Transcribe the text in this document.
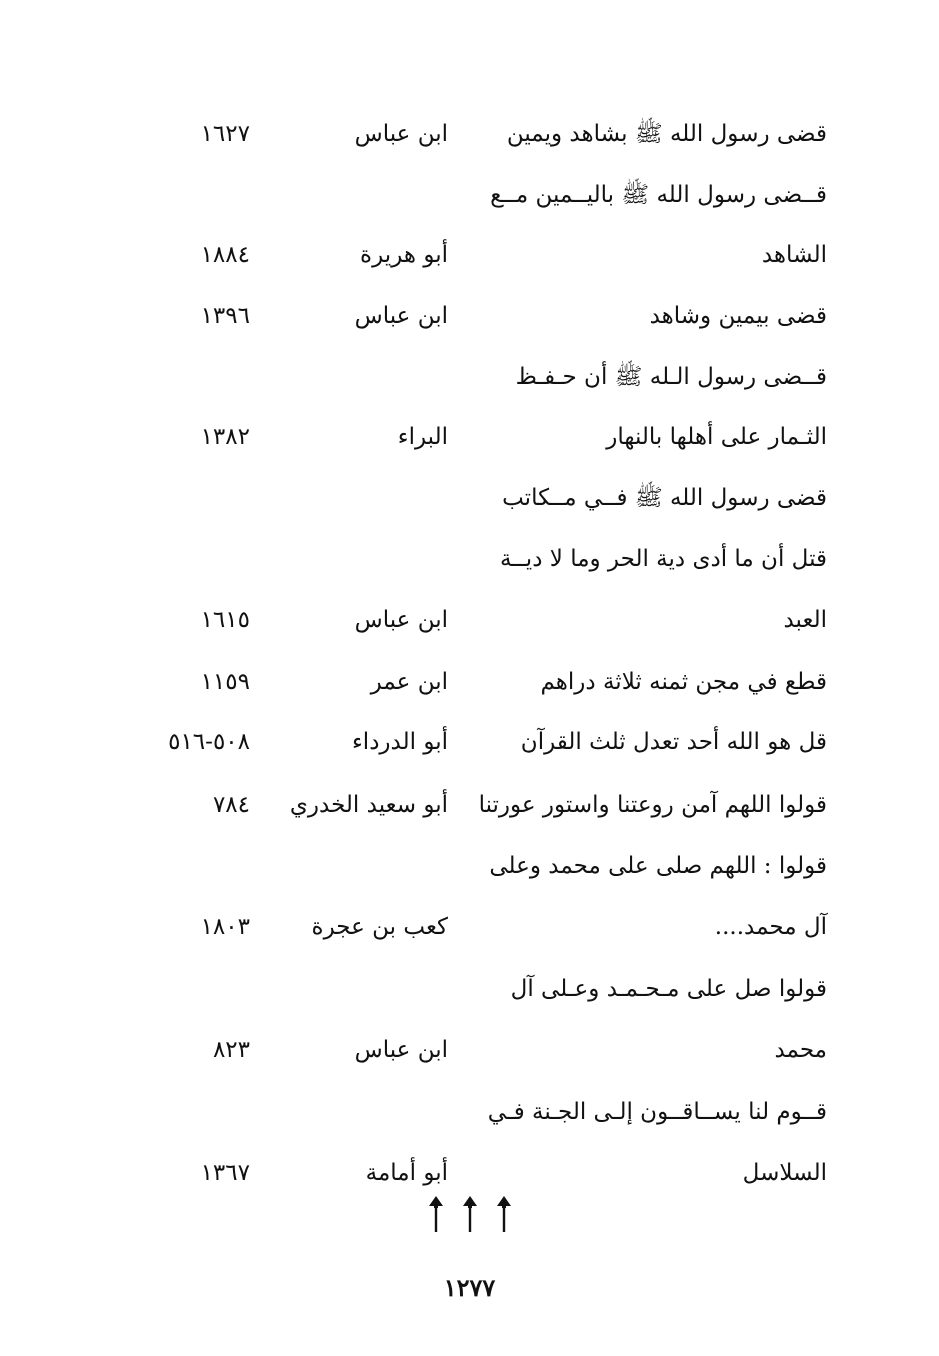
قضى رسول الله ﷺ بشاهد ويمين
ابن عباس
١٦٢٧
قــضى رسول الله ﷺ باليــمين مــع
الشاهد
أبو هريرة
١٨٨٤
قضى بيمين وشاهد
ابن عباس
١٣٩٦
قــضى رسول الـله ﷺ أن حـفـظ
الثـمار على أهلها بالنهار
البراء
١٣٨٢
قضى رسول الله ﷺ فــي مــكاتب
قتل أن ما أدى دية الحر وما لا ديــة
العبد
ابن عباس
١٦١٥
قطع في مجن ثمنه ثلاثة دراهم
ابن عمر
١١٥٩
قل هو الله أحد تعدل ثلث القرآن
أبو الدرداء
٥٠٨-٥١٦
قولوا اللهم آمن روعتنا واستور عورتنا
أبو سعيد الخدري
٧٨٤
قولوا : اللهم صلى على محمد وعلى
آل محمد....
كعب بن عجرة
١٨٠٣
قولوا صل على مـحـمـد وعـلى آل
محمد
ابن عباس
٨٢٣
قــوم لنا يســاقــون إلـى الجـنة فـي
السلاسل
أبو أمامة
١٣٦٧
١٢٧٧
